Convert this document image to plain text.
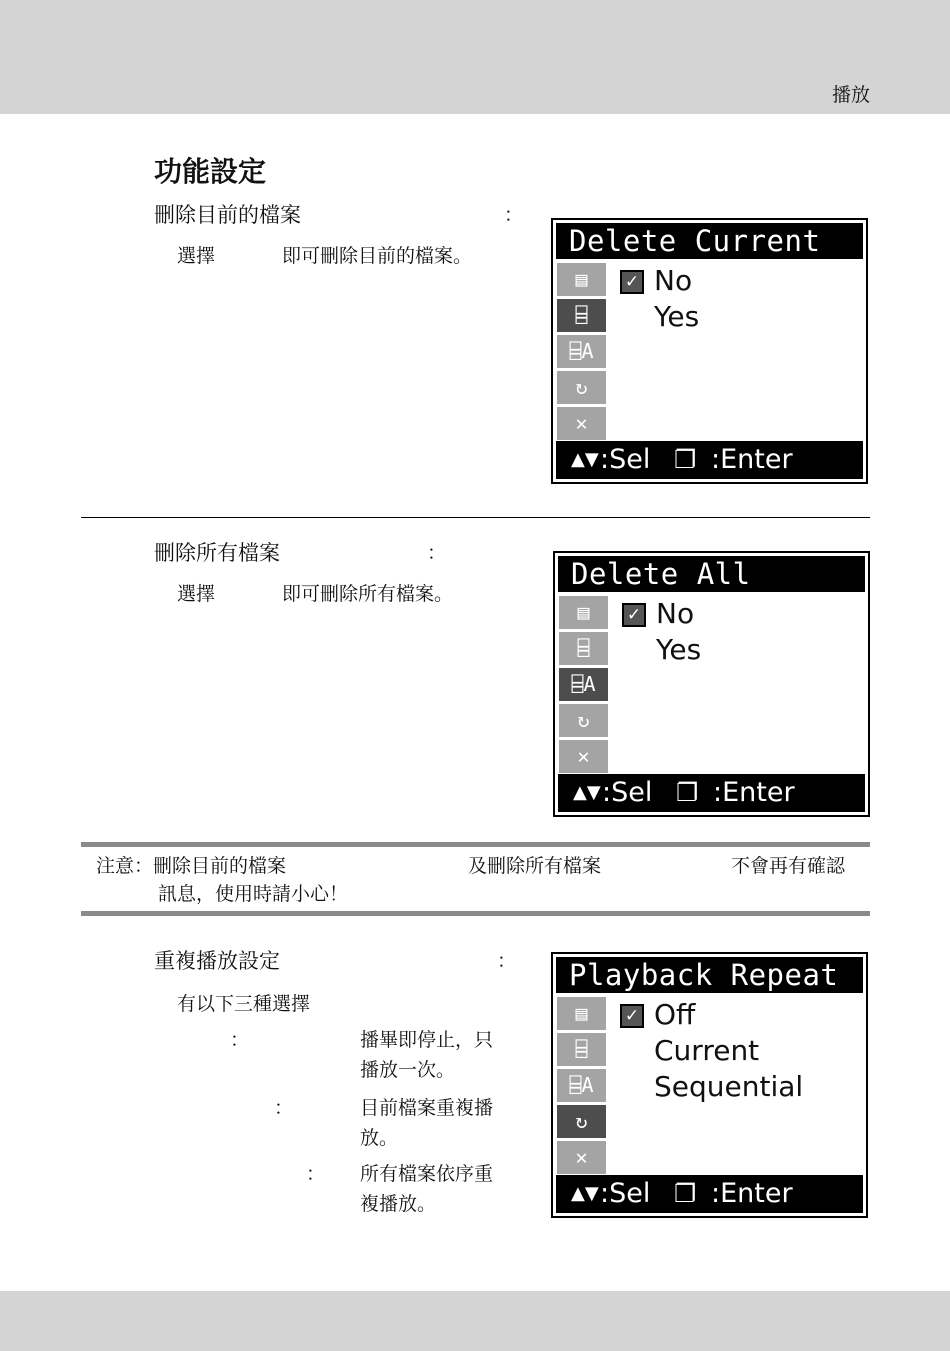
播放
功能設定
刪除目前的檔案	：
選擇	即可刪除目前的檔案。	Delete Current
▤
⌸
⌸A
↻
✕
✓ No
Yes
▲▼ :Sel ❐ :Enter
刪除所有檔案	：
選擇	即可刪除所有檔案。
Delete All
▤
⌸
⌸A
↻
✕
✓ No
Yes
▲▼ :Sel ❐ :Enter
注意：刪除目前的檔案	及刪除所有檔案	不會再有確認
訊息，使用時請小心！
重複播放設定	：
有以下三種選擇
：	播畢即停止，只
播放一次。
：	目前檔案重複播
放。
： 所有檔案依序重
複播放。
Playback Repeat
▤
⌸
⌸A
↻
✕
✓ Off
Current
Sequential
▲▼ :Sel ❐ :Enter
